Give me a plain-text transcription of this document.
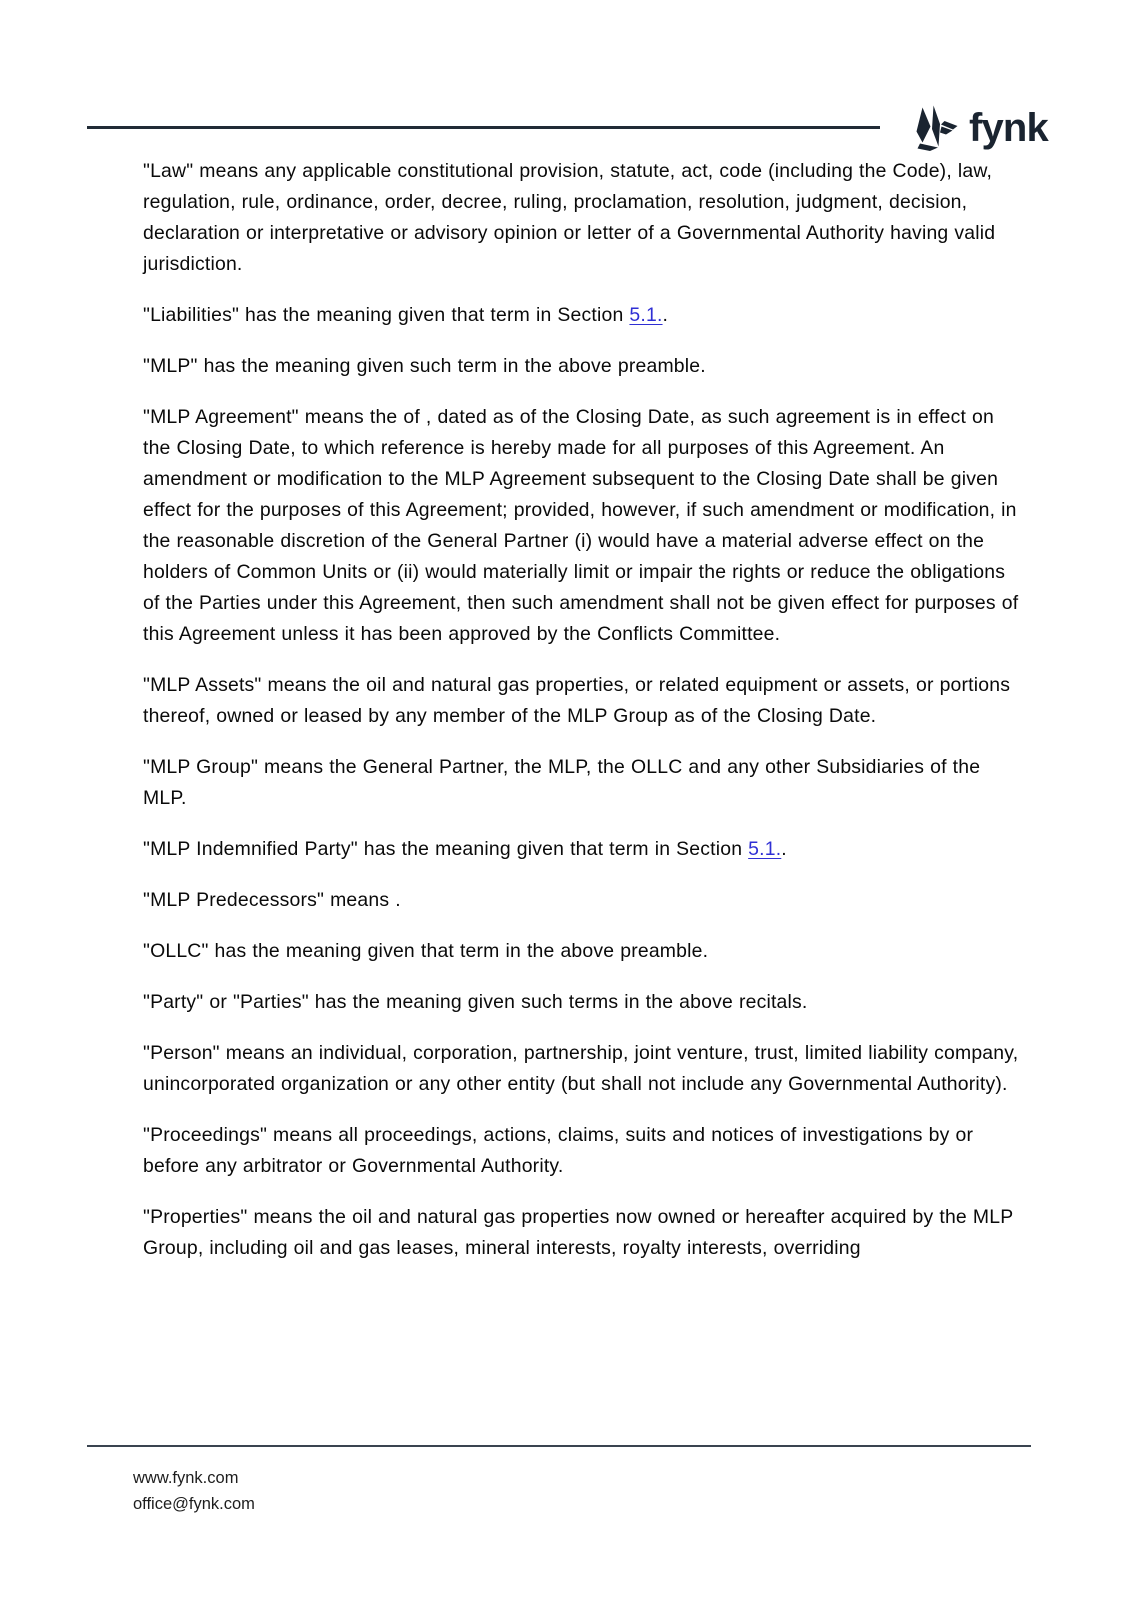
fynk

"Law" means any applicable constitutional provision, statute, act, code (including the Code), law, regulation, rule, ordinance, order, decree, ruling, proclamation, resolution, judgment, decision, declaration or interpretative or advisory opinion or letter of a Governmental Authority having valid jurisdiction.

"Liabilities" has the meaning given that term in Section 5.1..

"MLP" has the meaning given such term in the above preamble.

"MLP Agreement" means the of , dated as of the Closing Date, as such agreement is in effect on the Closing Date, to which reference is hereby made for all purposes of this Agreement. An amendment or modification to the MLP Agreement subsequent to the Closing Date shall be given effect for the purposes of this Agreement; provided, however, if such amendment or modification, in the reasonable discretion of the General Partner (i) would have a material adverse effect on the holders of Common Units or (ii) would materially limit or impair the rights or reduce the obligations of the Parties under this Agreement, then such amendment shall not be given effect for purposes of this Agreement unless it has been approved by the Conflicts Committee.

"MLP Assets" means the oil and natural gas properties, or related equipment or assets, or portions thereof, owned or leased by any member of the MLP Group as of the Closing Date.

"MLP Group" means the General Partner, the MLP, the OLLC and any other Subsidiaries of the MLP.

"MLP Indemnified Party" has the meaning given that term in Section 5.1..

"MLP Predecessors" means .

"OLLC" has the meaning given that term in the above preamble.

"Party" or "Parties" has the meaning given such terms in the above recitals.

"Person" means an individual, corporation, partnership, joint venture, trust, limited liability company, unincorporated organization or any other entity (but shall not include any Governmental Authority).

"Proceedings" means all proceedings, actions, claims, suits and notices of investigations by or before any arbitrator or Governmental Authority.

"Properties" means the oil and natural gas properties now owned or hereafter acquired by the MLP Group, including oil and gas leases, mineral interests, royalty interests, overriding

www.fynk.com
office@fynk.com
